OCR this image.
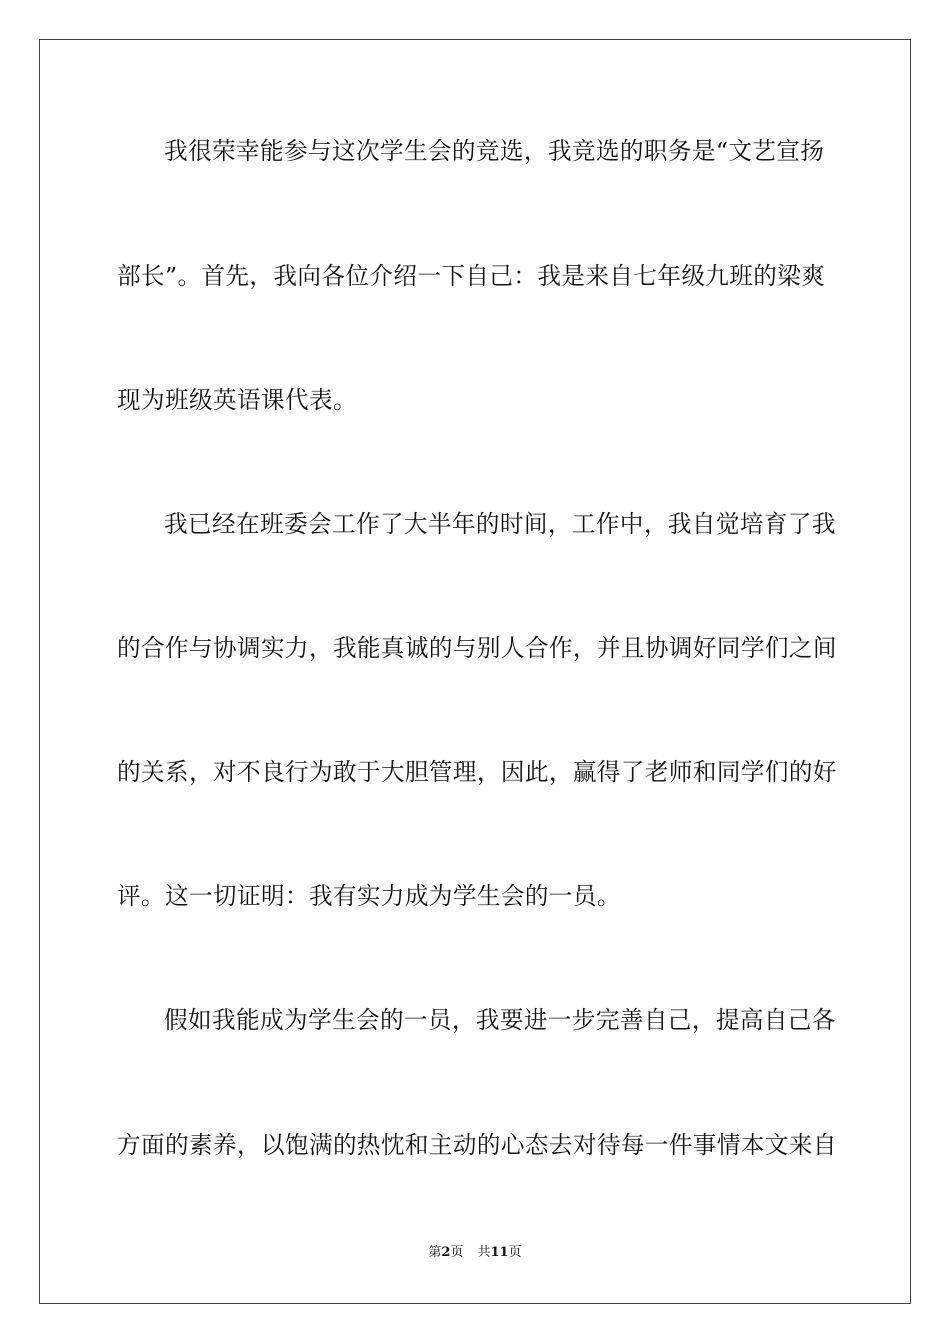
我很荣幸能参与这次学生会的竞选，我竞选的职务是“文艺宣扬
部长”。首先，我向各位介绍一下自己：我是来自七年级九班的梁爽
现为班级英语课代表。
我已经在班委会工作了大半年的时间，工作中，我自觉培育了我
的合作与协调实力，我能真诚的与别人合作，并且协调好同学们之间
的关系，对不良行为敢于大胆管理，因此，赢得了老师和同学们的好
评。这一切证明：我有实力成为学生会的一员。
假如我能成为学生会的一员，我要进一步完善自己，提高自己各
方面的素养，以饱满的热忱和主动的心态去对待每一件事情本文来自
第2页 共11页
